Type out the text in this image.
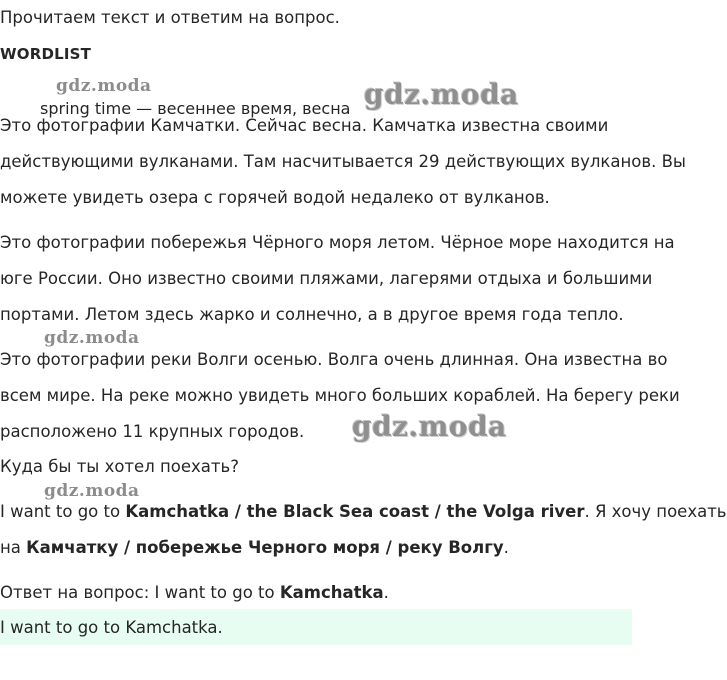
Прочитаем текст и ответим на вопрос.

WORDLIST

spring time — весеннее время, весна

Это фотографии Камчатки. Сейчас весна. Камчатка известна своими

действующими вулканами. Там насчитывается 29 действующих вулканов. Вы

можете увидеть озера с горячей водой недалеко от вулканов.

Это фотографии побережья Чёрного моря летом. Чёрное море находится на

юге России. Оно известно своими пляжами, лагерями отдыха и большими

портами. Летом здесь жарко и солнечно, а в другое время года тепло.

Это фотографии реки Волги осенью. Волга очень длинная. Она известна во

всем мире. На реке можно увидеть много больших кораблей. На берегу реки

расположено 11 крупных городов.

Куда бы ты хотел поехать?

I want to go to Kamchatka / the Black Sea coast / the Volga river. Я хочу поехать

на Камчатку / побережье Черного моря / реку Волгу.

Ответ на вопрос: I want to go to Kamchatka.

I want to go to Kamchatka.
gdz.moda	gdz.moda
gdz.moda
gdz.moda
gdz.moda
